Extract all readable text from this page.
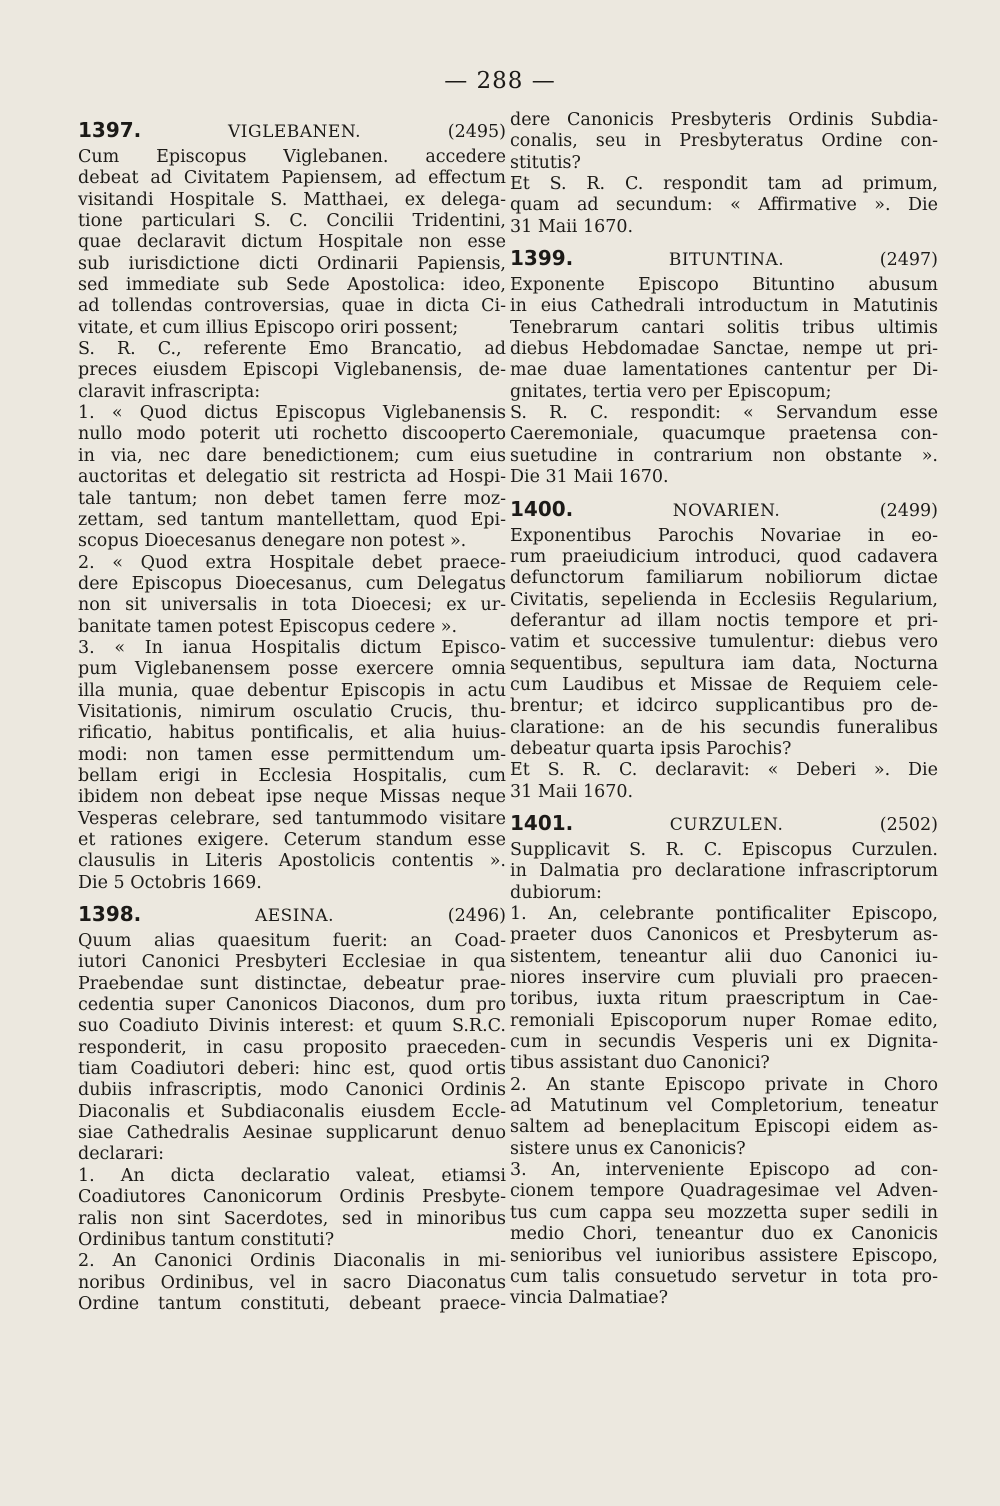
— 288 —
1397.	VIGLEBANEN.	(2495)
Cum Episcopus Viglebanen. accedere
debeat ad Civitatem Papiensem, ad effectum
visitandi Hospitale S. Matthaei, ex delega-
tione particulari S. C. Concilii Tridentini,
quae declaravit dictum Hospitale non esse
sub iurisdictione dicti Ordinarii Papiensis,
sed immediate sub Sede Apostolica: ideo,
ad tollendas controversias, quae in dicta Ci-
vitate, et cum illius Episcopo oriri possent;
S. R. C., referente Emo Brancatio, ad
preces eiusdem Episcopi Viglebanensis, de-
claravit infrascripta:
1. « Quod dictus Episcopus Viglebanensis
nullo modo poterit uti rochetto discooperto
in via, nec dare benedictionem; cum eius
auctoritas et delegatio sit restricta ad Hospi-
tale tantum; non debet tamen ferre moz-
zettam, sed tantum mantellettam, quod Epi-
scopus Dioecesanus denegare non potest ».
2. « Quod extra Hospitale debet praece-
dere Episcopus Dioecesanus, cum Delegatus
non sit universalis in tota Dioecesi; ex ur-
banitate tamen potest Episcopus cedere ».
3. « In ianua Hospitalis dictum Episco-
pum Viglebanensem posse exercere omnia
illa munia, quae debentur Episcopis in actu
Visitationis, nimirum osculatio Crucis, thu-
rificatio, habitus pontificalis, et alia huius-
modi: non tamen esse permittendum um-
bellam erigi in Ecclesia Hospitalis, cum
ibidem non debeat ipse neque Missas neque
Vesperas celebrare, sed tantummodo visitare
et rationes exigere. Ceterum standum esse
clausulis in Literis Apostolicis contentis ».
Die 5 Octobris 1669.
1398.	AESINA.	(2496)
Quum alias quaesitum fuerit: an Coad-
iutori Canonici Presbyteri Ecclesiae in qua
Praebendae sunt distinctae, debeatur prae-
cedentia super Canonicos Diaconos, dum pro
suo Coadiuto Divinis interest: et quum S.R.C.
responderit, in casu proposito praeceden-
tiam Coadiutori deberi: hinc est, quod ortis
dubiis infrascriptis, modo Canonici Ordinis
Diaconalis et Subdiaconalis eiusdem Eccle-
siae Cathedralis Aesinae supplicarunt denuo
declarari:
1. An dicta declaratio valeat, etiamsi
Coadiutores Canonicorum Ordinis Presbyte-
ralis non sint Sacerdotes, sed in minoribus
Ordinibus tantum constituti?
2. An Canonici Ordinis Diaconalis in mi-
noribus Ordinibus, vel in sacro Diaconatus
Ordine tantum constituti, debeant praece-
dere Canonicis Presbyteris Ordinis Subdia-
conalis, seu in Presbyteratus Ordine con-
stitutis?
Et S. R. C. respondit tam ad primum,
quam ad secundum: « Affirmative ». Die
31 Maii 1670.
1399.	BITUNTINA.	(2497)
Exponente Episcopo Bituntino abusum
in eius Cathedrali introductum in Matutinis
Tenebrarum cantari solitis tribus ultimis
diebus Hebdomadae Sanctae, nempe ut pri-
mae duae lamentationes cantentur per Di-
gnitates, tertia vero per Episcopum;
S. R. C. respondit: « Servandum esse
Caeremoniale, quacumque praetensa con-
suetudine in contrarium non obstante ».
Die 31 Maii 1670.
1400.	NOVARIEN.	(2499)
Exponentibus Parochis Novariae in eo-
rum praeiudicium introduci, quod cadavera
defunctorum familiarum nobiliorum dictae
Civitatis, sepelienda in Ecclesiis Regularium,
deferantur ad illam noctis tempore et pri-
vatim et successive tumulentur: diebus vero
sequentibus, sepultura iam data, Nocturna
cum Laudibus et Missae de Requiem cele-
brentur; et idcirco supplicantibus pro de-
claratione: an de his secundis funeralibus
debeatur quarta ipsis Parochis?
Et S. R. C. declaravit: « Deberi ». Die
31 Maii 1670.
1401.	CURZULEN.	(2502)
Supplicavit S. R. C. Episcopus Curzulen.
in Dalmatia pro declaratione infrascriptorum
dubiorum:
1. An, celebrante pontificaliter Episcopo,
praeter duos Canonicos et Presbyterum as-
sistentem, teneantur alii duo Canonici iu-
niores inservire cum pluviali pro praecen-
toribus, iuxta ritum praescriptum in Cae-
remoniali Episcoporum nuper Romae edito,
cum in secundis Vesperis uni ex Dignita-
tibus assistant duo Canonici?
2. An stante Episcopo private in Choro
ad Matutinum vel Completorium, teneatur
saltem ad beneplacitum Episcopi eidem as-
sistere unus ex Canonicis?
3. An, interveniente Episcopo ad con-
cionem tempore Quadragesimae vel Adven-
tus cum cappa seu mozzetta super sedili in
medio Chori, teneantur duo ex Canonicis
senioribus vel iunioribus assistere Episcopo,
cum talis consuetudo servetur in tota pro-
vincia Dalmatiae?
